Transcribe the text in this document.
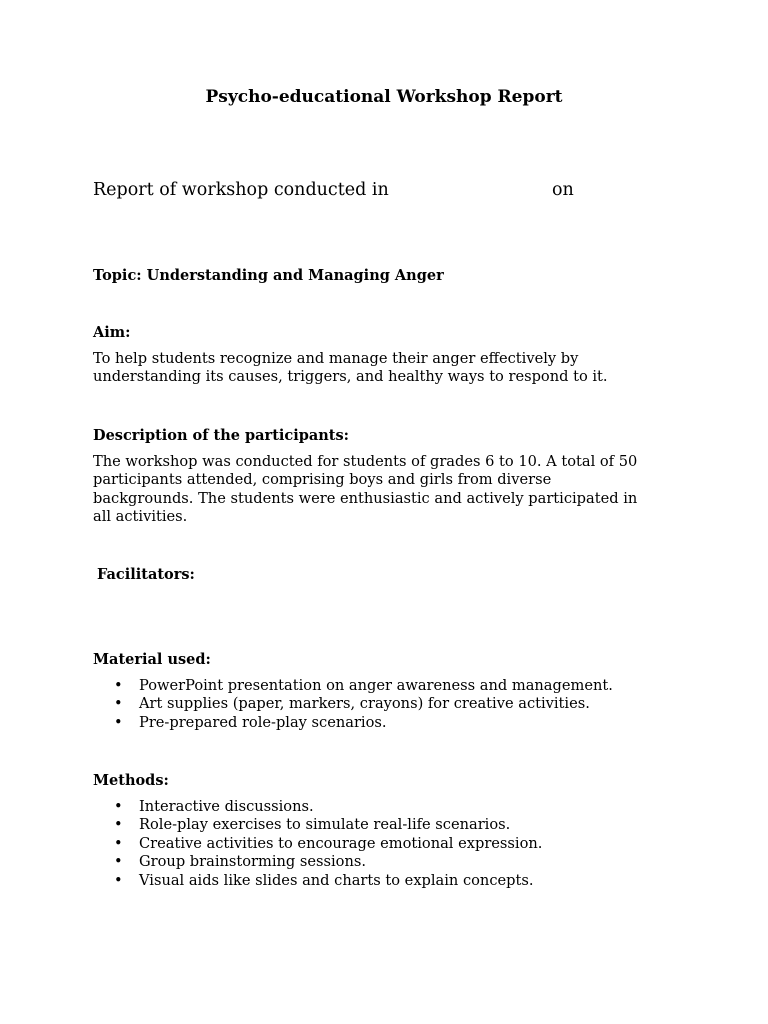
Psycho-educational Workshop Report
Report of workshop conducted in	on
Topic: Understanding and Managing Anger
Aim:
To help students recognize and manage their anger effectively by
understanding its causes, triggers, and healthy ways to respond to it.
Description of the participants:
The workshop was conducted for students of grades 6 to 10. A total of 50
participants attended, comprising boys and girls from diverse
backgrounds. The students were enthusiastic and actively participated in
all activities.
Facilitators:
Material used:
• PowerPoint presentation on anger awareness and management.
• Art supplies (paper, markers, crayons) for creative activities.
• Pre-prepared role-play scenarios.
Methods:
• Interactive discussions.
• Role-play exercises to simulate real-life scenarios.
• Creative activities to encourage emotional expression.
• Group brainstorming sessions.
• Visual aids like slides and charts to explain concepts.
